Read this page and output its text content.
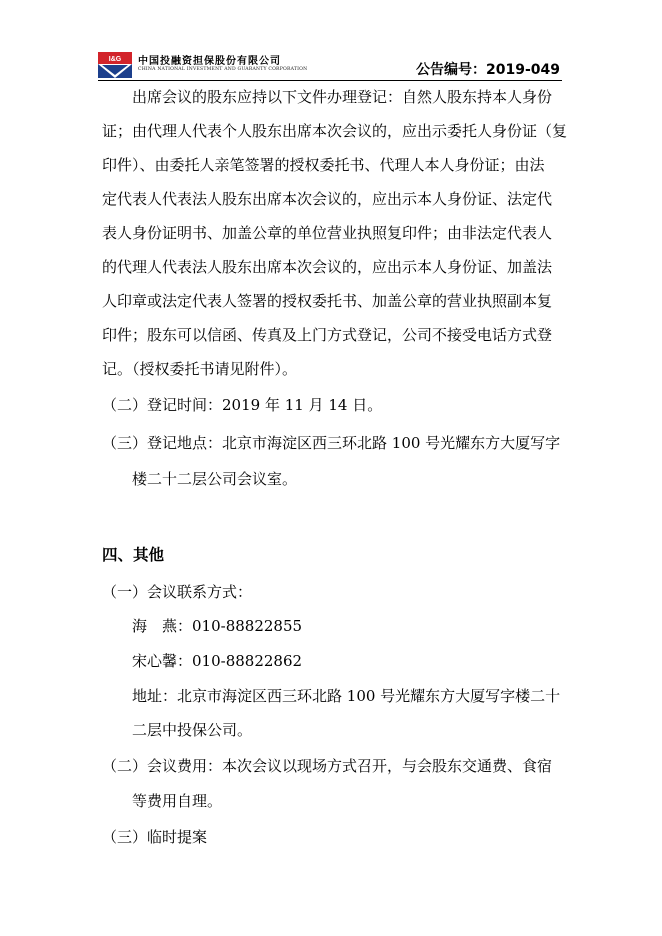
I&G 中国投融资担保股份有限公司
CHINA NATIONAL INVESTMENT AND GUARANTY CORPORATION	公告编号：2019-049
出席会议的股东应持以下文件办理登记：自然人股东持本人身份
证；由代理人代表个人股东出席本次会议的，应出示委托人身份证（复
印件）、由委托人亲笔签署的授权委托书、代理人本人身份证；由法
定代表人代表法人股东出席本次会议的，应出示本人身份证、法定代
表人身份证明书、加盖公章的单位营业执照复印件；由非法定代表人
的代理人代表法人股东出席本次会议的，应出示本人身份证、加盖法
人印章或法定代表人签署的授权委托书、加盖公章的营业执照副本复
印件；股东可以信函、传真及上门方式登记，公司不接受电话方式登
记。（授权委托书请见附件）。
（二）登记时间：2019 年 11 月 14 日。
（三）登记地点：北京市海淀区西三环北路 100 号光耀东方大厦写字
楼二十二层公司会议室。
四、其他
（一）会议联系方式：
海　燕：010-88822855
宋心馨：010-88822862
地址：北京市海淀区西三环北路 100 号光耀东方大厦写字楼二十
二层中投保公司。
（二）会议费用：本次会议以现场方式召开，与会股东交通费、食宿
等费用自理。
（三）临时提案
